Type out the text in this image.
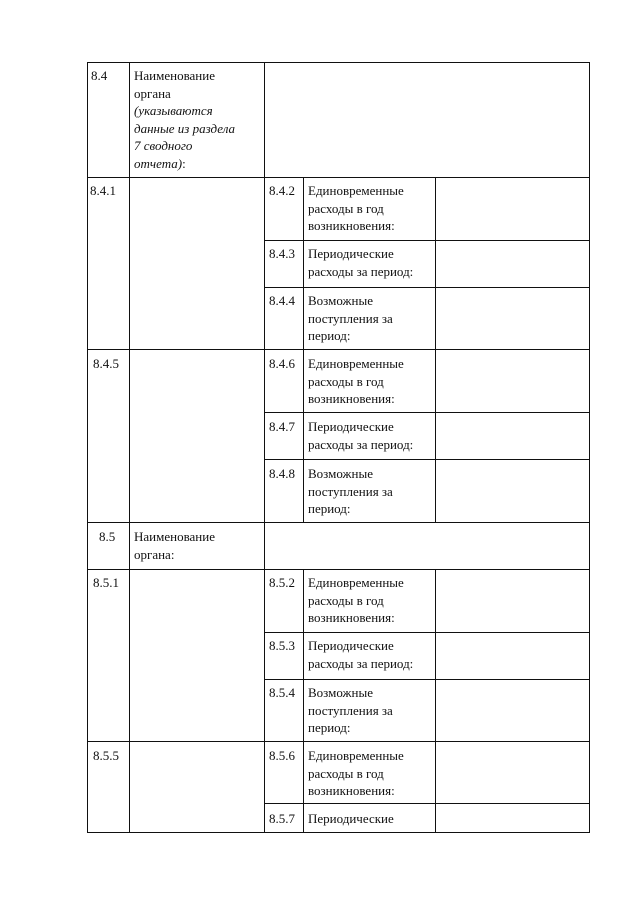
8.4 Наименование
органа
(указываются
данные из раздела
7 сводного
отчета):
8.4.1	8.4.2 Единовременные
расходы в год
возникновения:
8.4.3 Периодические
расходы за период:
8.4.4 Возможные
поступления за
период:
8.4.5	8.4.6 Единовременные
расходы в год
возникновения:
8.4.7 Периодические
расходы за период:
8.4.8 Возможные
поступления за
период:
8.5 Наименование
органа:
8.5.1	8.5.2 Единовременные
расходы в год
возникновения:
8.5.3 Периодические
расходы за период:
8.5.4 Возможные
поступления за
период:
8.5.5	8.5.6 Единовременные
расходы в год
возникновения:
8.5.7 Периодические
